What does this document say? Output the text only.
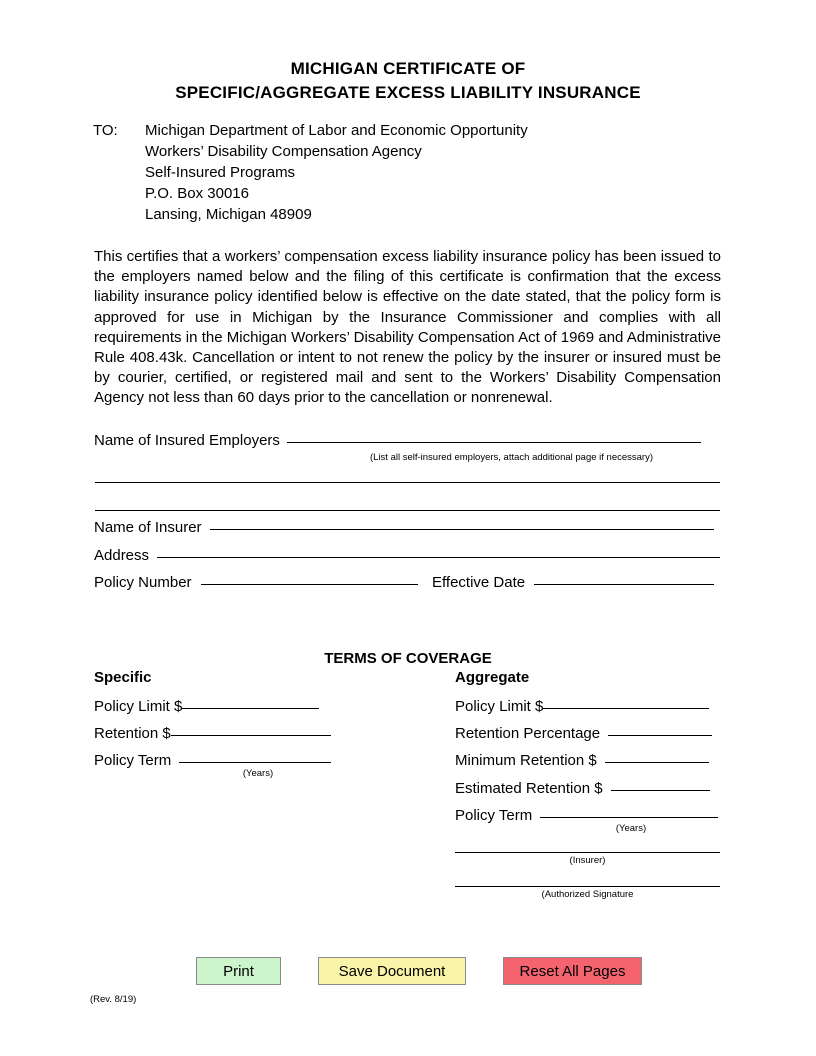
MICHIGAN CERTIFICATE OF
SPECIFIC/AGGREGATE EXCESS LIABILITY INSURANCE
TO:	Michigan Department of Labor and Economic Opportunity
Workers’ Disability Compensation Agency
Self-Insured Programs
P.O. Box 30016
Lansing, Michigan 48909
This certifies that a workers’ compensation excess liability insurance policy has been issued to the employers named below and the filing of this certificate is confirmation that the excess liability insurance policy identified below is effective on the date stated, that the policy form is approved for use in Michigan by the Insurance Commissioner and complies with all requirements in the Michigan Workers’ Disability Compensation Act of 1969 and Administrative Rule 408.43k. Cancellation or intent to not renew the policy by the insurer or insured must be by courier, certified, or registered mail and sent to the Workers’ Disability Compensation Agency not less than 60 days prior to the cancellation or nonrenewal.
Name of Insured Employers
(List all self-insured employers, attach additional page if necessary)
Name of Insurer
Address
Policy Number	Effective Date
TERMS OF COVERAGE
Specific	Aggregate
Policy Limit $
Retention $
Policy Term
(Years)
Policy Limit $
Retention Percentage
Minimum Retention $
Estimated Retention $
Policy Term
(Years)
(Insurer)
(Authorized Signature
Print	Save Document	Reset All Pages
(Rev. 8/19)
